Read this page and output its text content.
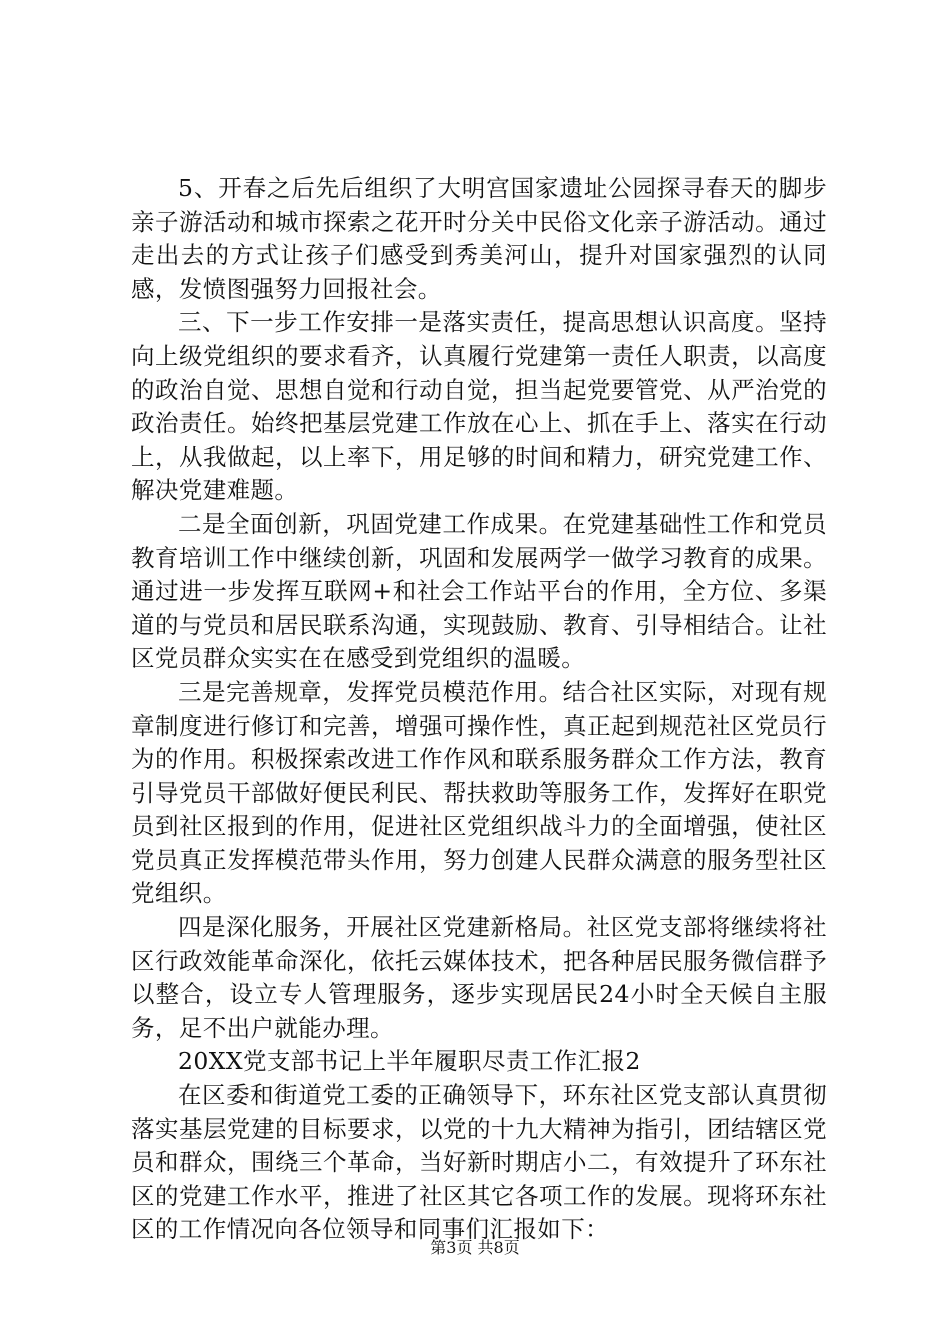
5、开春之后先后组织了大明宫国家遗址公园探寻春天的脚步亲子游活动和城市探索之花开时分关中民俗文化亲子游活动。通过走出去的方式让孩子们感受到秀美河山，提升对国家强烈的认同感，发愤图强努力回报社会。

三、下一步工作安排一是落实责任，提高思想认识高度。坚持向上级党组织的要求看齐，认真履行党建第一责任人职责，以高度的政治自觉、思想自觉和行动自觉，担当起党要管党、从严治党的政治责任。始终把基层党建工作放在心上、抓在手上、落实在行动上，从我做起，以上率下，用足够的时间和精力，研究党建工作、解决党建难题。

二是全面创新，巩固党建工作成果。在党建基础性工作和党员教育培训工作中继续创新，巩固和发展两学一做学习教育的成果。通过进一步发挥互联网+和社会工作站平台的作用，全方位、多渠道的与党员和居民联系沟通，实现鼓励、教育、引导相结合。让社区党员群众实实在在感受到党组织的温暖。

三是完善规章，发挥党员模范作用。结合社区实际，对现有规章制度进行修订和完善，增强可操作性，真正起到规范社区党员行为的作用。积极探索改进工作作风和联系服务群众工作方法，教育引导党员干部做好便民利民、帮扶救助等服务工作，发挥好在职党员到社区报到的作用，促进社区党组织战斗力的全面增强，使社区党员真正发挥模范带头作用，努力创建人民群众满意的服务型社区党组织。

四是深化服务，开展社区党建新格局。社区党支部将继续将社区行政效能革命深化，依托云媒体技术，把各种居民服务微信群予以整合，设立专人管理服务，逐步实现居民24小时全天候自主服务，足不出户就能办理。

20XX党支部书记上半年履职尽责工作汇报2

在区委和街道党工委的正确领导下，环东社区党支部认真贯彻落实基层党建的目标要求，以党的十九大精神为指引，团结辖区党员和群众，围绕三个革命，当好新时期店小二，有效提升了环东社区的党建工作水平，推进了社区其它各项工作的发展。现将环东社区的工作情况向各位领导和同事们汇报如下：

第3页 共8页
